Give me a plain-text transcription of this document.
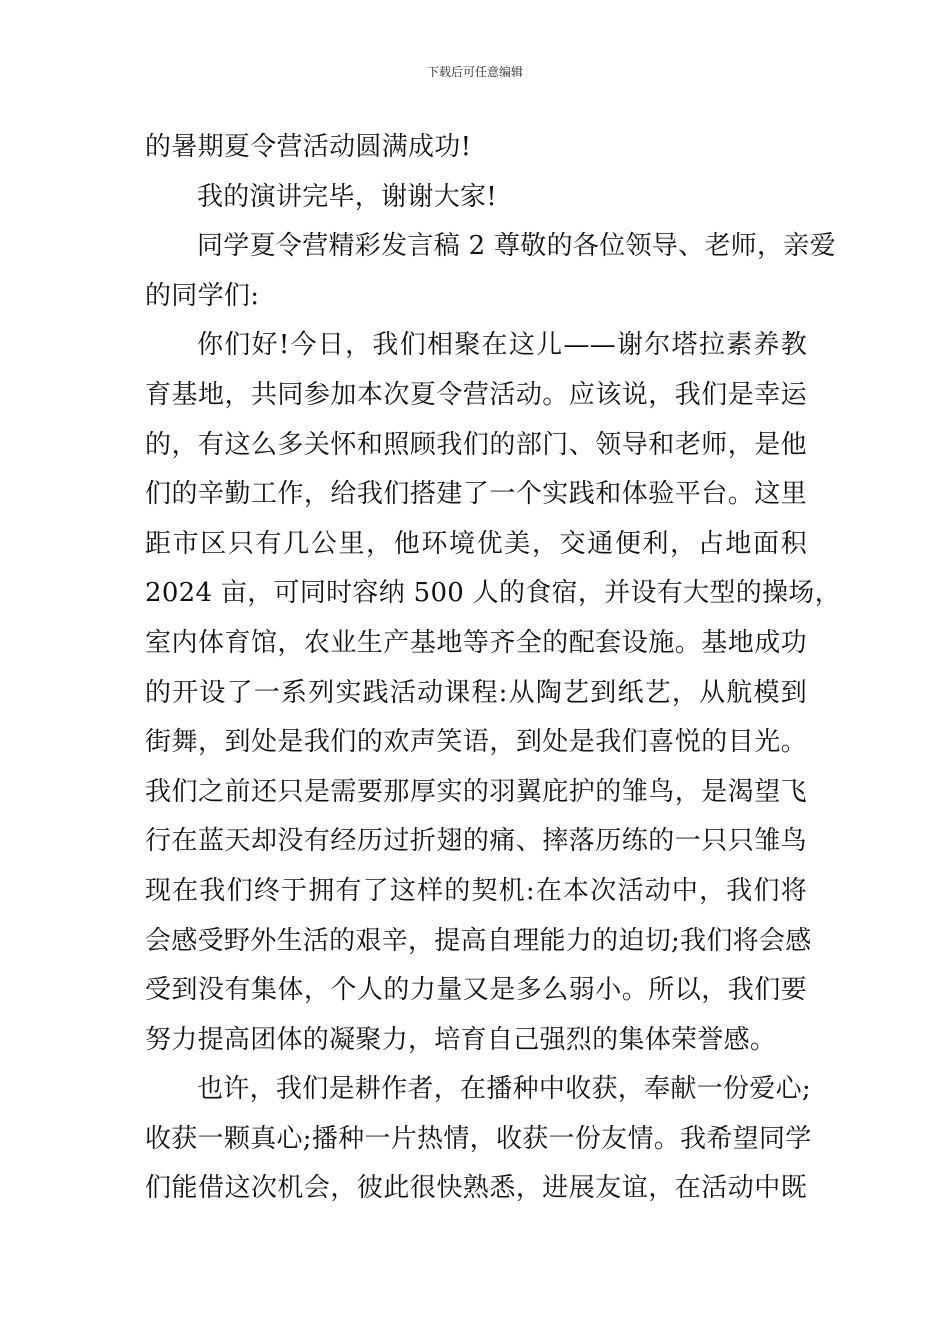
下载后可任意编辑
的暑期夏令营活动圆满成功!
我的演讲完毕，谢谢大家!
同学夏令营精彩发言稿 2 尊敬的各位领导、老师，亲爱
的同学们:
你们好!今日，我们相聚在这儿——谢尔塔拉素养教
育基地，共同参加本次夏令营活动。应该说，我们是幸运
的，有这么多关怀和照顾我们的部门、领导和老师，是他
们的辛勤工作，给我们搭建了一个实践和体验平台。这里
距市区只有几公里，他环境优美，交通便利，占地面积
2024 亩，可同时容纳 500 人的食宿，并设有大型的操场，
室内体育馆，农业生产基地等齐全的配套设施。基地成功
的开设了一系列实践活动课程:从陶艺到纸艺，从航模到
街舞，到处是我们的欢声笑语，到处是我们喜悦的目光。
我们之前还只是需要那厚实的羽翼庇护的雏鸟，是渴望飞
行在蓝天却没有经历过折翅的痛、摔落历练的一只只雏鸟
现在我们终于拥有了这样的契机:在本次活动中，我们将
会感受野外生活的艰辛，提高自理能力的迫切;我们将会感
受到没有集体，个人的力量又是多么弱小。所以，我们要
努力提高团体的凝聚力，培育自己强烈的集体荣誉感。
也许，我们是耕作者，在播种中收获，奉献一份爱心;
收获一颗真心;播种一片热情，收获一份友情。我希望同学
们能借这次机会，彼此很快熟悉，进展友谊，在活动中既
